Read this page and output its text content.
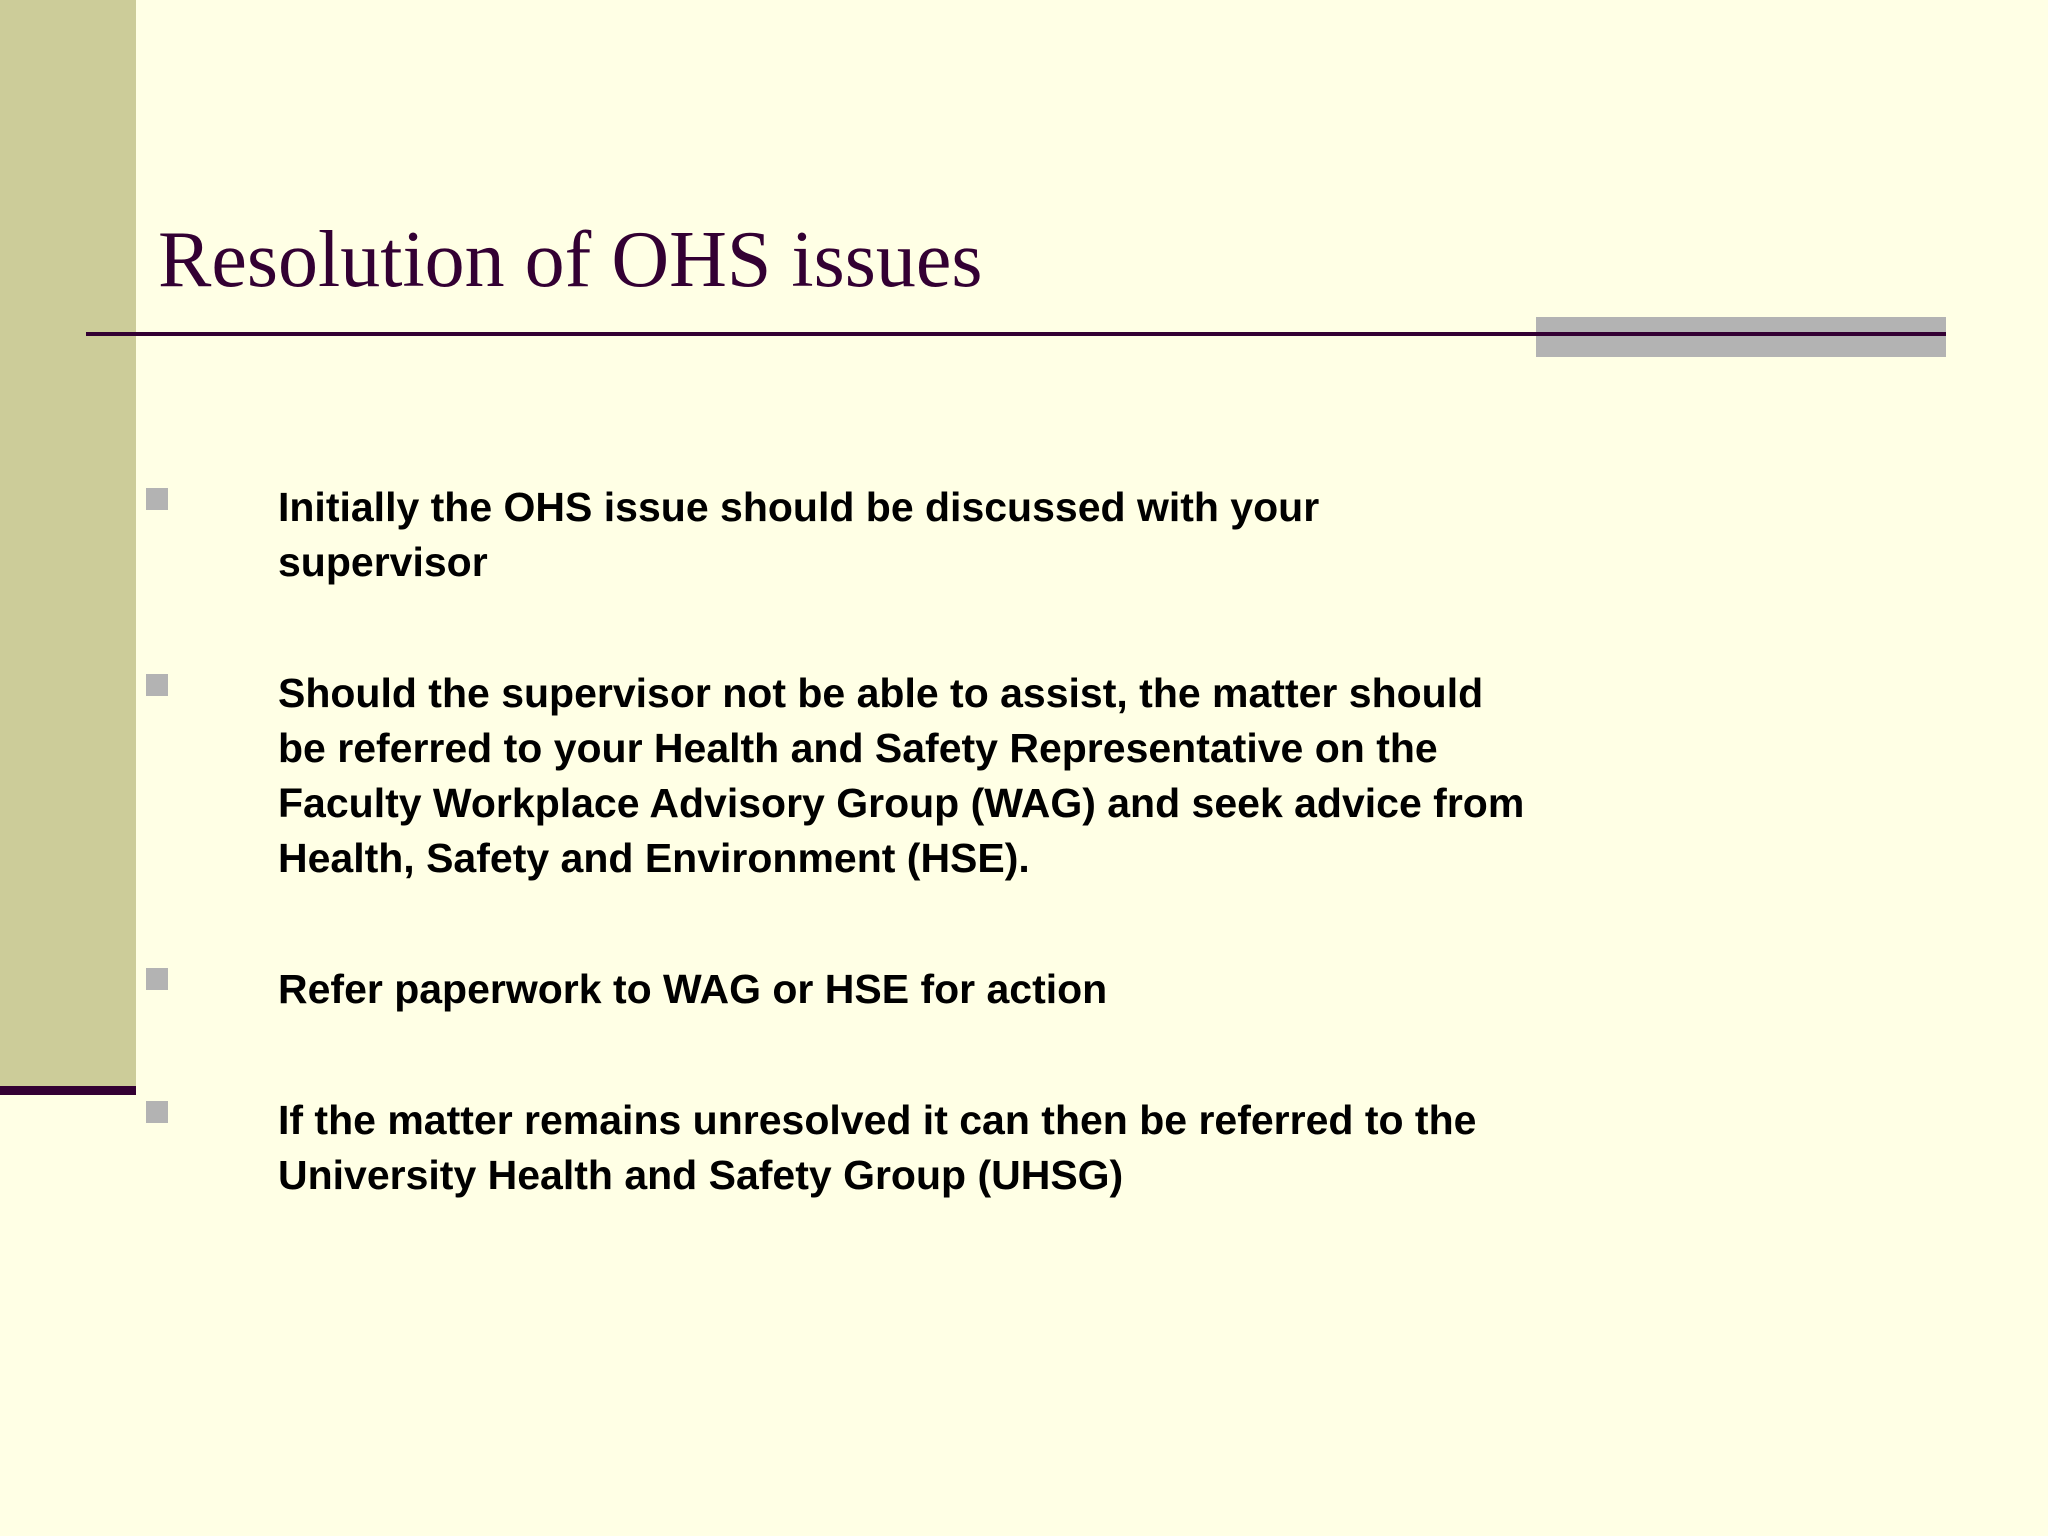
Resolution of OHS issues
Initially the OHS issue should be discussed with your
supervisor
Should the supervisor not be able to assist, the matter should
be referred to your Health and Safety Representative on the
Faculty Workplace Advisory Group (WAG) and seek advice from
Health, Safety and Environment (HSE).
Refer paperwork to WAG or HSE for action
If the matter remains unresolved it can then be referred to the
University Health and Safety Group (UHSG)
